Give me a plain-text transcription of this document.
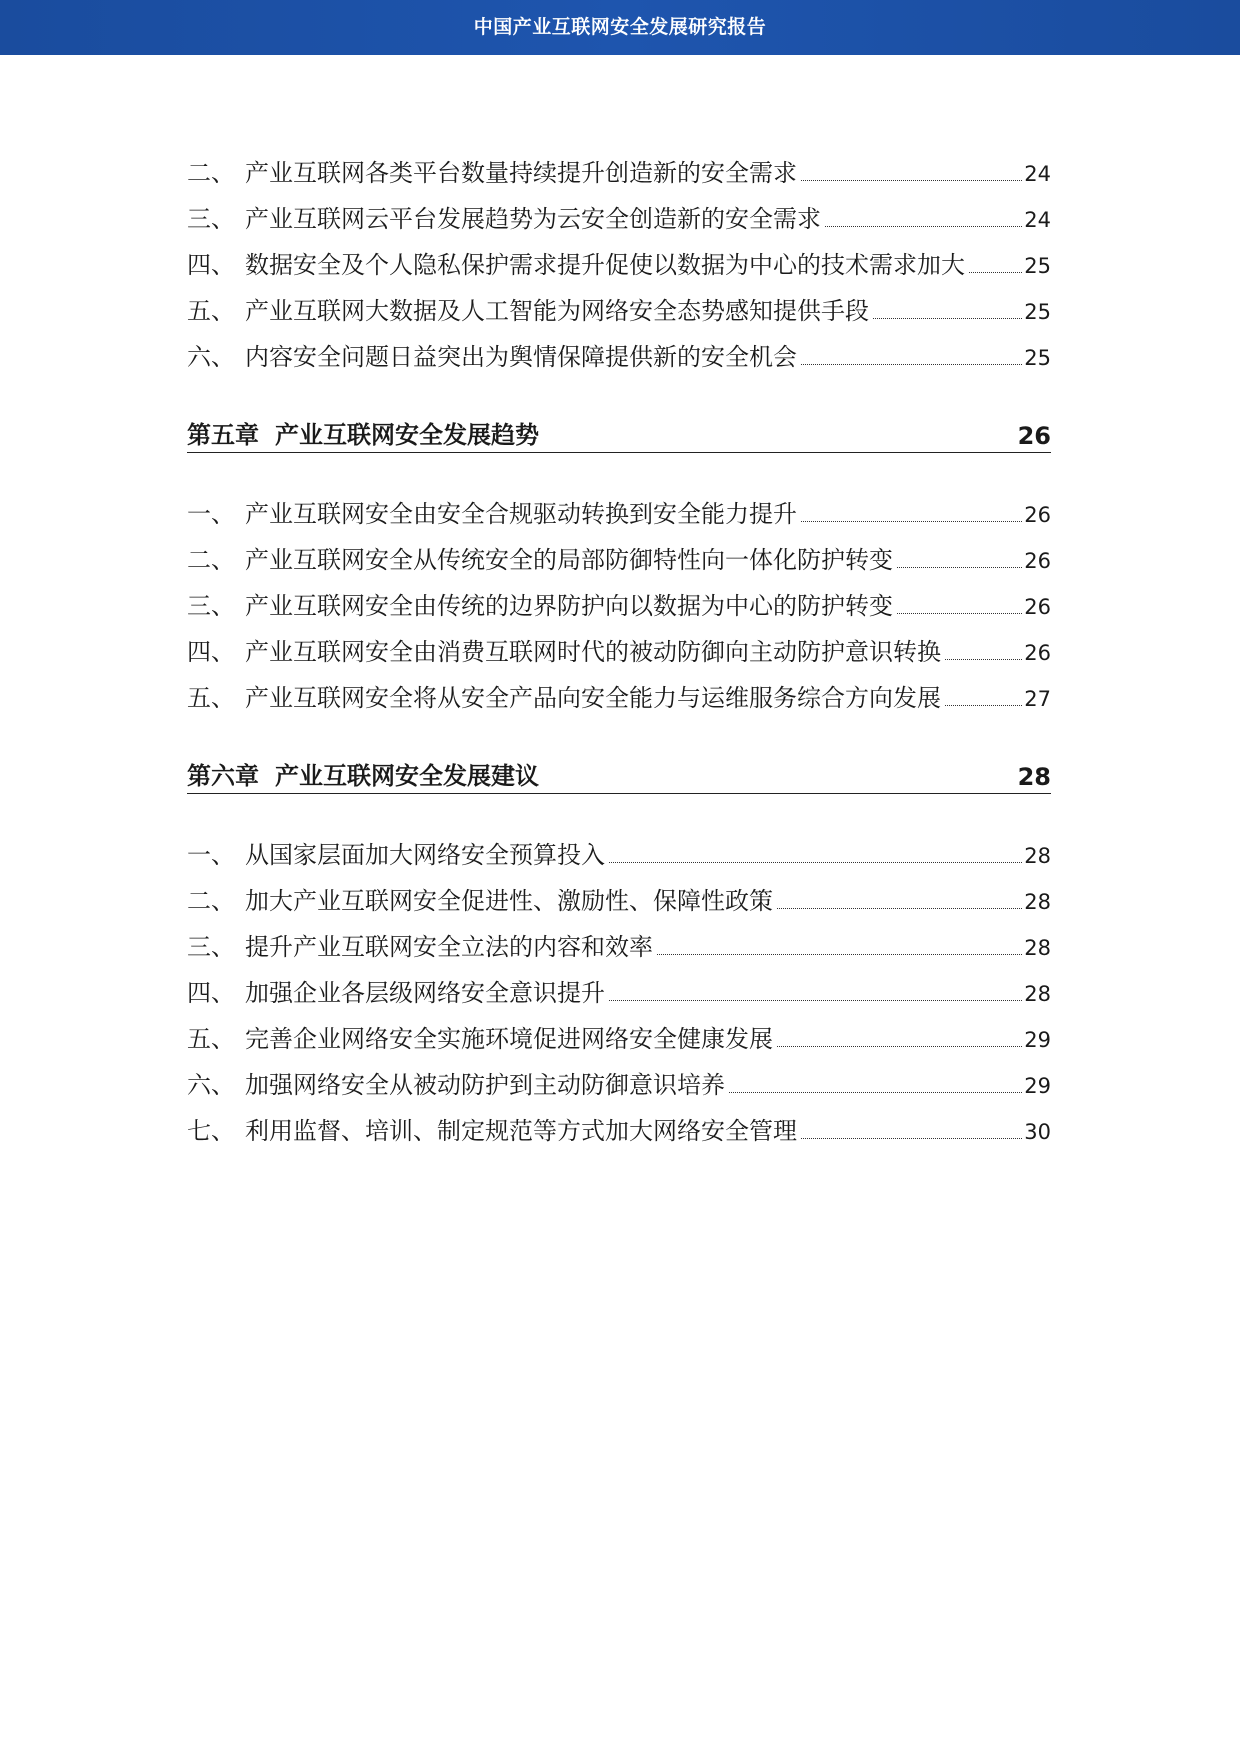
中国产业互联网安全发展研究报告
二、 产业互联网各类平台数量持续提升创造新的安全需求	24
三、 产业互联网云平台发展趋势为云安全创造新的安全需求	24
四、 数据安全及个人隐私保护需求提升促使以数据为中心的技术需求加大	25
五、 产业互联网大数据及人工智能为网络安全态势感知提供手段	25
六、 内容安全问题日益突出为舆情保障提供新的安全机会	25
第五章 产业互联网安全发展趋势	26
一、 产业互联网安全由安全合规驱动转换到安全能力提升	26
二、 产业互联网安全从传统安全的局部防御特性向一体化防护转变	26
三、 产业互联网安全由传统的边界防护向以数据为中心的防护转变	26
四、 产业互联网安全由消费互联网时代的被动防御向主动防护意识转换	26
五、 产业互联网安全将从安全产品向安全能力与运维服务综合方向发展	27
第六章 产业互联网安全发展建议	28
一、 从国家层面加大网络安全预算投入	28
二、 加大产业互联网安全促进性、激励性、保障性政策	28
三、 提升产业互联网安全立法的内容和效率	28
四、 加强企业各层级网络安全意识提升	28
五、 完善企业网络安全实施环境促进网络安全健康发展	29
六、 加强网络安全从被动防护到主动防御意识培养	29
七、 利用监督、培训、制定规范等方式加大网络安全管理	30
